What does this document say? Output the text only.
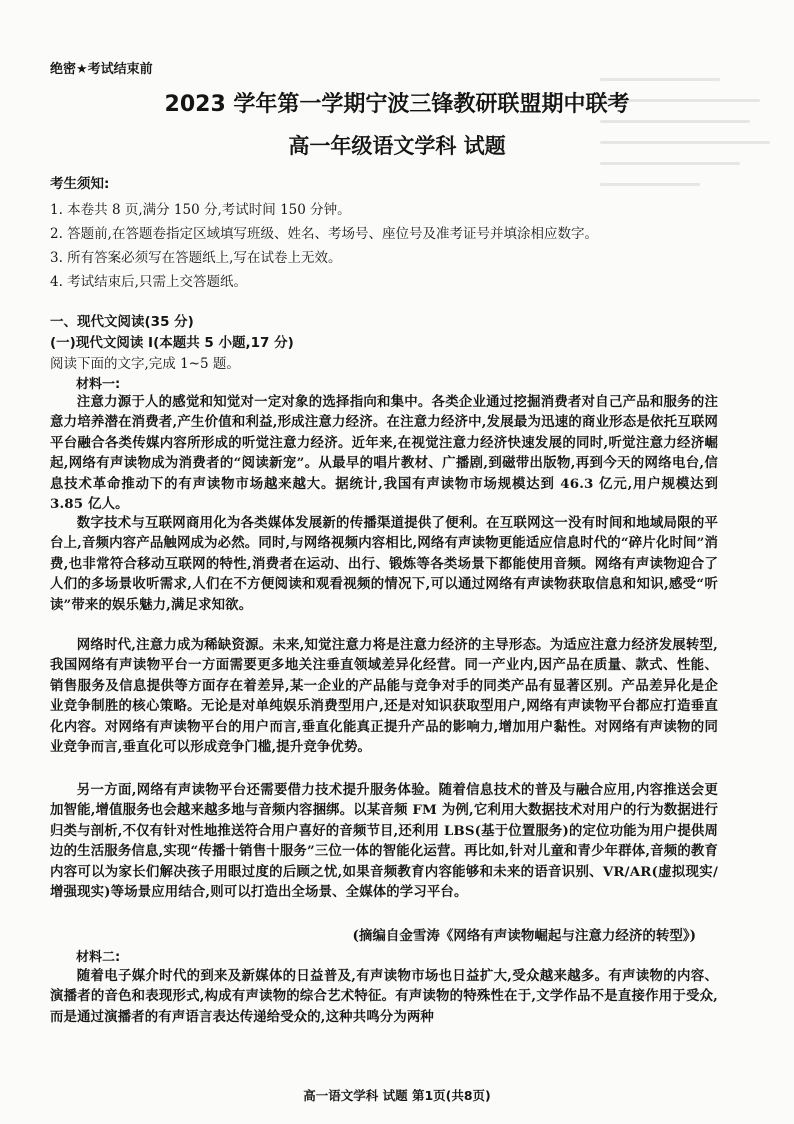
绝密★考试结束前
2023 学年第一学期宁波三锋教研联盟期中联考
高一年级语文学科 试题
考生须知:
1. 本卷共 8 页,满分 150 分,考试时间 150 分钟。
2. 答题前,在答题卷指定区域填写班级、姓名、考场号、座位号及准考证号并填涂相应数字。
3. 所有答案必须写在答题纸上,写在试卷上无效。
4. 考试结束后,只需上交答题纸。
一、现代文阅读(35 分)
(一)现代文阅读 I(本题共 5 小题,17 分)
阅读下面的文字,完成 1~5 题。
材料一:
注意力源于人的感觉和知觉对一定对象的选择指向和集中。各类企业通过挖掘消费者对自己产品和服务的注意力培养潜在消费者,产生价值和利益,形成注意力经济。在注意力经济中,发展最为迅速的商业形态是依托互联网平台融合各类传媒内容所形成的听觉注意力经济。近年来,在视觉注意力经济快速发展的同时,听觉注意力经济崛起,网络有声读物成为消费者的“阅读新宠”。从最早的唱片教材、广播剧,到磁带出版物,再到今天的网络电台,信息技术革命推动下的有声读物市场越来越大。据统计,我国有声读物市场规模达到 46.3 亿元,用户规模达到 3.85 亿人。
数字技术与互联网商用化为各类媒体发展新的传播渠道提供了便利。在互联网这一没有时间和地域局限的平台上,音频内容产品触网成为必然。同时,与网络视频内容相比,网络有声读物更能适应信息时代的“碎片化时间”消费,也非常符合移动互联网的特性,消费者在运动、出行、锻炼等各类场景下都能使用音频。网络有声读物迎合了人们的多场景收听需求,人们在不方便阅读和观看视频的情况下,可以通过网络有声读物获取信息和知识,感受“听读”带来的娱乐魅力,满足求知欲。
网络时代,注意力成为稀缺资源。未来,知觉注意力将是注意力经济的主导形态。为适应注意力经济发展转型,我国网络有声读物平台一方面需要更多地关注垂直领域差异化经营。同一产业内,因产品在质量、款式、性能、销售服务及信息提供等方面存在着差异,某一企业的产品能与竞争对手的同类产品有显著区别。产品差异化是企业竞争制胜的核心策略。无论是对单纯娱乐消费型用户,还是对知识获取型用户,网络有声读物平台都应打造垂直化内容。对网络有声读物平台的用户而言,垂直化能真正提升产品的影响力,增加用户黏性。对网络有声读物的同业竞争而言,垂直化可以形成竞争门槛,提升竞争优势。
另一方面,网络有声读物平台还需要借力技术提升服务体验。随着信息技术的普及与融合应用,内容推送会更加智能,增值服务也会越来越多地与音频内容捆绑。以某音频 FM 为例,它利用大数据技术对用户的行为数据进行归类与剖析,不仅有针对性地推送符合用户喜好的音频节目,还利用 LBS(基于位置服务)的定位功能为用户提供周边的生活服务信息,实现“传播十销售十服务”三位一体的智能化运营。再比如,针对儿童和青少年群体,音频的教育内容可以为家长们解决孩子用眼过度的后顾之忧,如果音频教育内容能够和未来的语音识别、VR/AR(虚拟现实/增强现实)等场景应用结合,则可以打造出全场景、全媒体的学习平台。
(摘编自金雪涛《网络有声读物崛起与注意力经济的转型》)
材料二:
随着电子媒介时代的到来及新媒体的日益普及,有声读物市场也日益扩大,受众越来越多。有声读物的内容、演播者的音色和表现形式,构成有声读物的综合艺术特征。有声读物的特殊性在于,文学作品不是直接作用于受众,而是通过演播者的有声语言表达传递给受众的,这种共鸣分为两种
高一语文学科 试题 第1页(共8页)
